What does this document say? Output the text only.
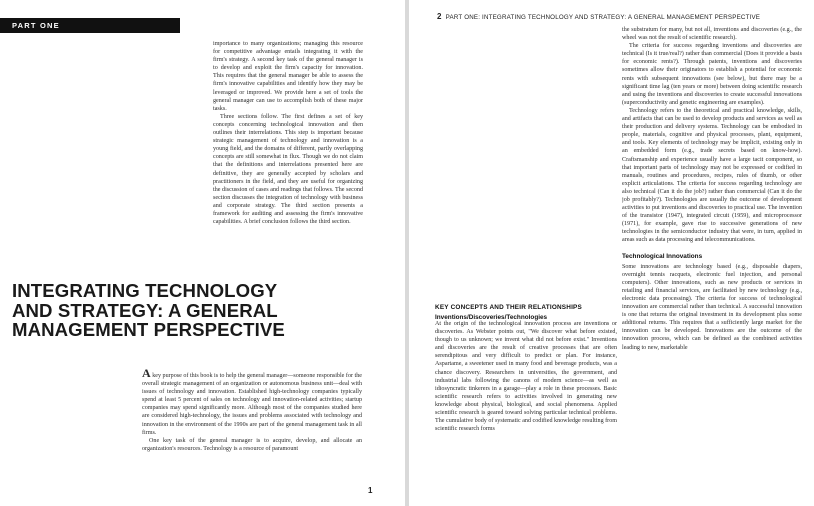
PART ONE

importance to many organizations; managing this resource for competitive advantage entails integrating it with the firm's strategy. A second key task of the general manager is to develop and exploit the firm's capacity for innovation. This requires that the general manager be able to assess the firm's innovative capabilities and identify how they may be leveraged or improved. We provide here a set of tools the general manager can use to accomplish both of these major tasks.

Three sections follow. The first defines a set of key concepts concerning technological innovation and then outlines their interrelations. This step is important because strategic management of technology and innovation is a young field, and the domains of different, partly overlapping concepts are still somewhat in flux. Though we do not claim that the definitions and interrelations presented here are definitive, they are generally accepted by scholars and practitioners in the field, and they are useful for organizing the discussion of cases and readings that follows. The second section discusses the integration of technology with business and corporate strategy. The third section presents a framework for auditing and assessing the firm's innovative capabilities. A brief conclusion follows the third section.

INTEGRATING TECHNOLOGY AND STRATEGY: A GENERAL MANAGEMENT PERSPECTIVE

A key purpose of this book is to help the general manager—someone responsible for the overall strategic management of an organization or autonomous business unit—deal with issues of technology and innovation. Established high-technology companies typically spend at least 5 percent of sales on technology and innovation-related activities; startup companies may spend significantly more. Although most of the companies studied here are considered high-technology, the issues and problems associated with technology and innovation in the environment of the 1990s are part of the general management task in all firms.

One key task of the general manager is to acquire, develop, and allocate an organization's resources. Technology is a resource of paramount

1
2 PART ONE: INTEGRATING TECHNOLOGY AND STRATEGY: A GENERAL MANAGEMENT PERSPECTIVE
KEY CONCEPTS AND THEIR RELATIONSHIPS
Inventions/Discoveries/Technologies

At the origin of the technological innovation process are inventions or discoveries. As Webster points out, "We discover what before existed, though to us unknown; we invent what did not before exist." Inventions and discoveries are the result of creative processes that are often serendipitous and very difficult to predict or plan. For instance, Aspartame, a sweetener used in many food and beverage products, was a chance discovery. Researchers in universities, the government, and industrial labs following the canons of modern science—as well as idiosyncratic tinkerers in a garage—play a role in these processes. Basic scientific research refers to activities involved in generating new knowledge about physical, biological, and social phenomena. Applied scientific research is geared toward solving particular technical problems. The cumulative body of systematic and codified knowledge resulting from scientific research forms

the substratum for many, but not all, inventions and discoveries (e.g., the wheel was not the result of scientific research).

The criteria for success regarding inventions and discoveries are technical (Is it true/real?) rather than commercial (Does it provide a basis for economic rents?). Through patents, inventions and discoveries sometimes allow their originators to establish a potential for economic rents with subsequent innovations (see below), but there may be a significant time lag (ten years or more) between doing scientific research and using the inventions and discoveries to create successful innovations (superconductivity and genetic engineering are examples).

Technology refers to the theoretical and practical knowledge, skills, and artifacts that can be used to develop products and services as well as their production and delivery systems. Technology can be embodied in people, materials, cognitive and physical processes, plant, equipment, and tools. Key elements of technology may be implicit, existing only in an embedded form (e.g., trade secrets based on know-how). Craftsmanship and experience usually have a large tacit component, so that important parts of technology may not be expressed or codified in manuals, routines and procedures, recipes, rules of thumb, or other explicit articulations. The criteria for success regarding technology are also technical (Can it do the job?) rather than commercial (Can it do the job profitably?). Technologies are usually the outcome of development activities to put inventions and discoveries to practical use. The invention of the transistor (1947), integrated circuit (1959), and microprocessor (1971), for example, gave rise to successive generations of new technologies in the semiconductor industry that were, in turn, applied in areas such as data processing and telecommunications.

Technological Innovations

Some innovations are technology based (e.g., disposable diapers, overnight tennis racquets, electronic fuel injection, and personal computers). Other innovations, such as new products or services in retailing and financial services, are facilitated by new technology (e.g., electronic data processing). The criteria for success of technological innovation are commercial rather than technical. A successful innovation is one that returns the original investment in its development plus some additional returns. This requires that a sufficiently large market for the innovation can be developed. Innovations are the outcome of the innovation process, which can be defined as the combined activities leading to new, marketable
